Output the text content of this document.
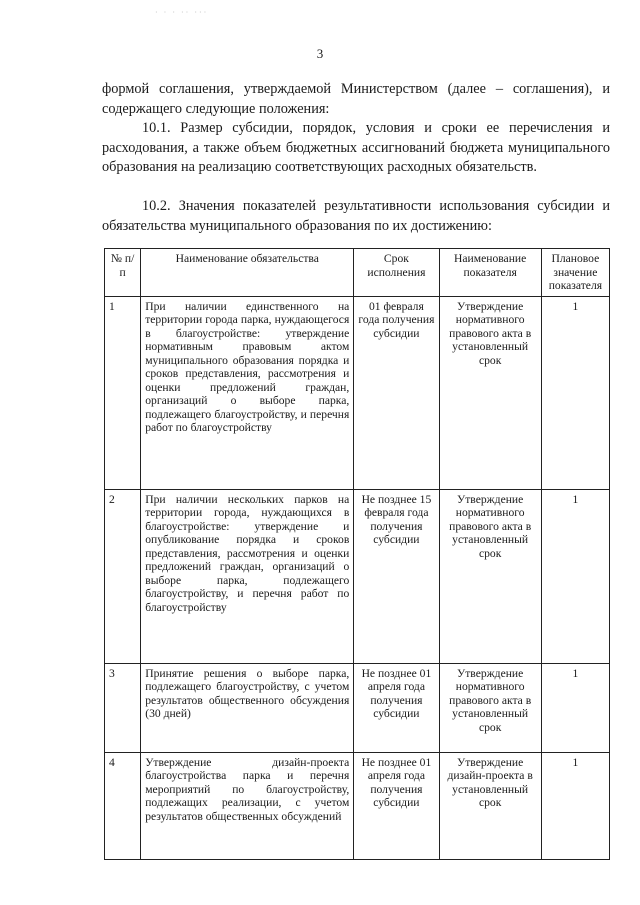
· · · ·· ···
3

формой соглашения, утверждаемой Министерством (далее – соглашения), и содержащего следующие положения:

10.1. Размер субсидии, порядок, условия и сроки ее перечисления и расходования, а также объем бюджетных ассигнований бюджета муниципального образования на реализацию соответствующих расходных обязательств.

10.2. Значения показателей результативности использования субсидии и обязательства муниципального образования по их достижению:

№ п/п	Наименование обязательства	Срок исполнения	Наименование показателя	Плановое значение показателя
1	При наличии единственного на территории города парка, нуждающегося в благоустройстве: утверждение нормативным правовым актом муниципального образования порядка и сроков представления, рассмотрения и оценки предложений граждан, организаций о выборе парка, подлежащего благоустройству, и перечня работ по благоустройству	01 февраля года получения субсидии	Утверждение нормативного правового акта в установленный срок	1
2	При наличии нескольких парков на территории города, нуждающихся в благоустройстве: утверждение и опубликование порядка и сроков представления, рассмотрения и оценки предложений граждан, организаций о выборе парка, подлежащего благоустройству, и перечня работ по благоустройству	Не позднее 15 февраля года получения субсидии	Утверждение нормативного правового акта в установленный срок	1
3	Принятие решения о выборе парка, подлежащего благоустройству, с учетом результатов общественного обсуждения (30 дней)	Не позднее 01 апреля года получения субсидии	Утверждение нормативного правового акта в установленный срок	1
4	Утверждение дизайн-проекта благоустройства парка и перечня мероприятий по благоустройству, подлежащих реализации, с учетом результатов общественных обсуждений	Не позднее 01 апреля года получения субсидии	Утверждение дизайн-проекта в установленный срок	1
